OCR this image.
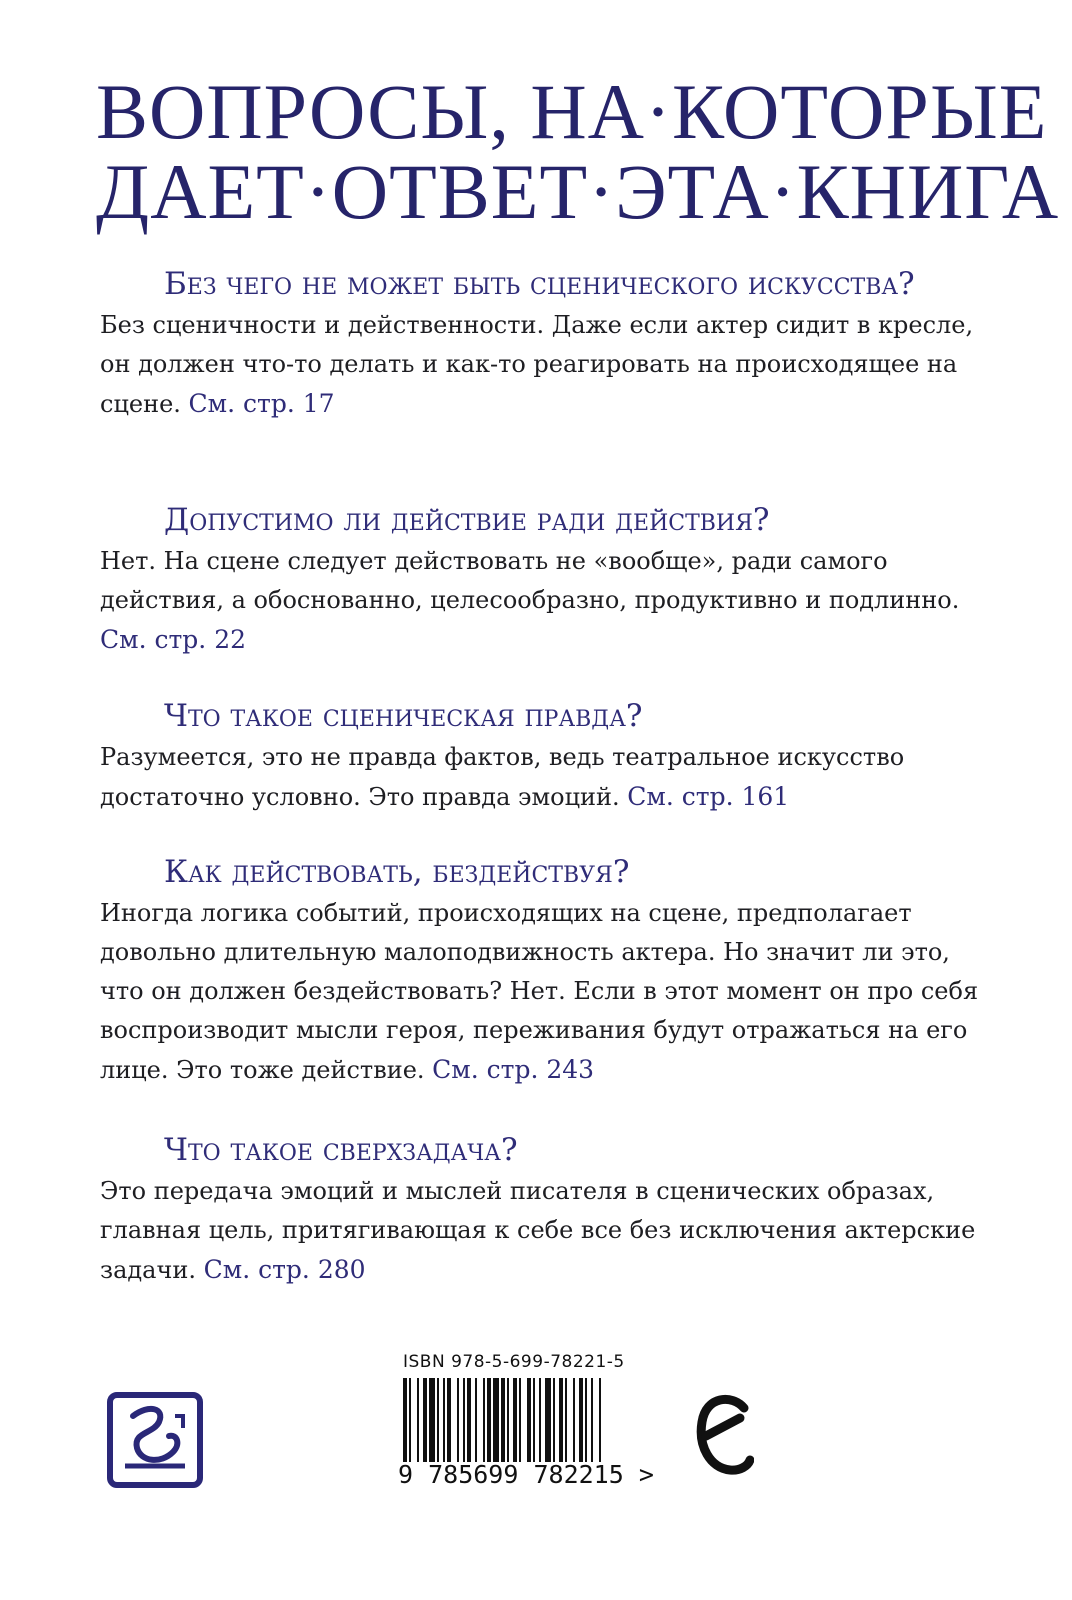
ВОПРОСЫ, НА·КОТОРЫЕ
ДАЕТ·ОТВЕТ·ЭТА·КНИГА

Без чего не может быть сценического искусства?

Без сценичности и действенности. Даже если актер сидит в кресле, он должен что-то делать и как-то реагировать на происходящее на сцене. См. стр. 17

Допустимо ли действие ради действия?

Нет. На сцене следует действовать не «вообще», ради самого действия, а обоснованно, целесообразно, продуктивно и подлинно. См. стр. 22

Что такое сценическая правда?

Разумеется, это не правда фактов, ведь театральное искусство достаточно условно. Это правда эмоций. См. стр. 161

Как действовать, бездействуя?

Иногда логика событий, происходящих на сцене, предполагает довольно длительную малоподвижность актера. Но значит ли это, что он должен бездействовать? Нет. Если в этот момент он про себя воспроизводит мысли героя, переживания будут отражаться на его лице. Это тоже действие. См. стр. 243

Что такое сверхзадача?

Это передача эмоций и мыслей писателя в сценических образах, главная цель, притягивающая к себе все без исключения актерские задачи. См. стр. 280

ISBN 978-5-699-78221-5
9 785699 782215 >
